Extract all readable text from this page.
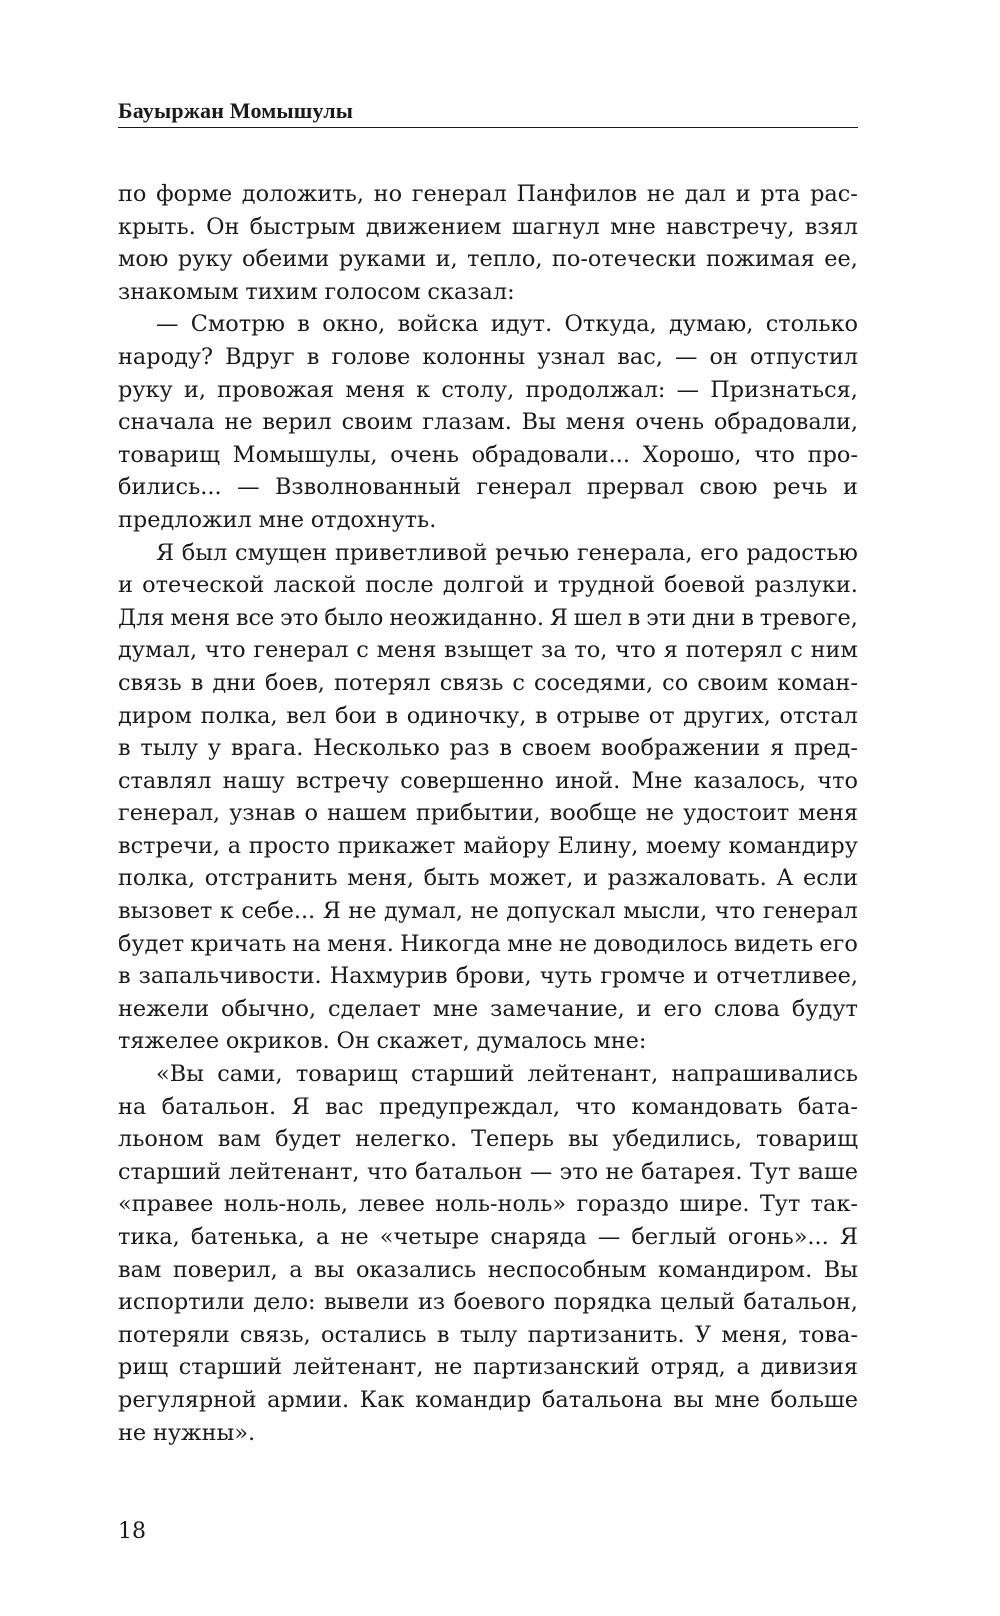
Бауыржан Момышулы
по форме доложить, но генерал Панфилов не дал и рта рас-
крыть. Он быстрым движением шагнул мне навстречу, взял
мою руку обеими руками и, тепло, по-отечески пожимая ее,
знакомым тихим голосом сказал:
— Смотрю в окно, войска идут. Откуда, думаю, столько
народу? Вдруг в голове колонны узнал вас, — он отпустил
руку и, провожая меня к столу, продолжал: — Признаться,
сначала не верил своим глазам. Вы меня очень обрадовали,
товарищ Момышулы, очень обрадовали... Хорошо, что про-
бились... — Взволнованный генерал прервал свою речь и
предложил мне отдохнуть.
Я был смущен приветливой речью генерала, его радостью
и отеческой лаской после долгой и трудной боевой разлуки.
Для меня все это было неожиданно. Я шел в эти дни в тревоге,
думал, что генерал с меня взыщет за то, что я потерял с ним
связь в дни боев, потерял связь с соседями, со своим коман-
диром полка, вел бои в одиночку, в отрыве от других, отстал
в тылу у врага. Несколько раз в своем воображении я пред-
ставлял нашу встречу совершенно иной. Мне казалось, что
генерал, узнав о нашем прибытии, вообще не удостоит меня
встречи, а просто прикажет майору Елину, моему командиру
полка, отстранить меня, быть может, и разжаловать. А если
вызовет к себе... Я не думал, не допускал мысли, что генерал
будет кричать на меня. Никогда мне не доводилось видеть его
в запальчивости. Нахмурив брови, чуть громче и отчетливее,
нежели обычно, сделает мне замечание, и его слова будут
тяжелее окриков. Он скажет, думалось мне:
«Вы сами, товарищ старший лейтенант, напрашивались
на батальон. Я вас предупреждал, что командовать бата-
льоном вам будет нелегко. Теперь вы убедились, товарищ
старший лейтенант, что батальон — это не батарея. Тут ваше
«правее ноль-ноль, левее ноль-ноль» гораздо шире. Тут так-
тика, батенька, а не «четыре снаряда — беглый огонь»... Я
вам поверил, а вы оказались неспособным командиром. Вы
испортили дело: вывели из боевого порядка целый батальон,
потеряли связь, остались в тылу партизанить. У меня, това-
рищ старший лейтенант, не партизанский отряд, а дивизия
регулярной армии. Как командир батальона вы мне больше
не нужны».
18
